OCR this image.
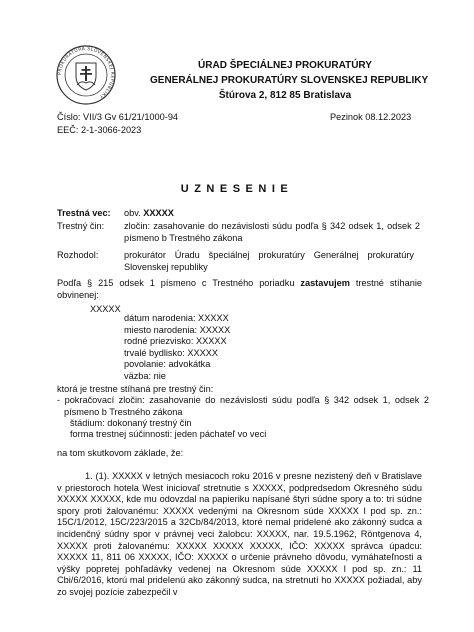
PROKURATÚRA SLOVENSKEJ REPUBLIKY
ÚRAD ŠPECIÁLNEJ PROKURATÚRY
GENERÁLNEJ PROKURATÚRY SLOVENSKEJ REPUBLIKY
Štúrova 2, 812 85 Bratislava
Číslo: VII/3 Gv 61/21/1000-94
EEČ: 2-1-3066-2023
Pezinok 08.12.2023
UZNESENIE
Trestná vec: obv. XXXXX
Trestný čin: zločin: zasahovanie do nezávislosti súdu podľa § 342 odsek 1, odsek 2 písmeno b Trestného zákona
Rozhodol:	prokurátor Úradu špeciálnej prokuratúry Generálnej prokuratúry Slovenskej republiky
Podľa § 215 odsek 1 písmeno c Trestného poriadku zastavujem trestné stíhanie obvinenej:
XXXXX
dátum narodenia: XXXXX
miesto narodenia: XXXXX
rodné priezvisko: XXXXX
trvalé bydlisko: XXXXX
povolanie: advokátka
väzba: nie
ktorá je trestne stíhaná pre trestný čin:
- pokračovací zločin: zasahovanie do nezávislosti súdu podľa § 342 odsek 1, odsek 2 písmeno b Trestného zákona
štádium: dokonaný trestný čin
forma trestnej súčinnosti: jeden páchateľ vo veci
na tom skutkovom základe, že:
1. (1). XXXXX v letných mesiacoch roku 2016 v presne nezistený deň v Bratislave v priestoroch hotela West iniciovaľ stretnutie s XXXXX, podpredsedom Okresného súdu XXXXX XXXXX, kde mu odovzdal na papieriku napísané štyri súdne spory a to: tri súdne spory proti žalovanému: XXXXX vedenými na Okresnom súde XXXXX I pod sp. zn.: 15C/1/2012, 15C/223/2015 a 32Cb/84/2013, ktoré nemal pridelené ako zákonný sudca a incidenčný súdny spor v právnej veci žalobcu: XXXXX, nar. 19.5.1962, Röntgenova 4, XXXXX proti žalovanému: XXXXX XXXXX XXXXX, IČO: XXXXX správca úpadcu: XXXXX 11, 811 06 XXXXX, IČO: XXXXX o určenie právneho dôvodu, vymáhateľnosti a výšky popretej pohľadávky vedenej na Okresnom súde XXXXX I pod sp. zn.: 11 Cbi/6/2016, ktorú mal pridelenú ako zákonný sudca, na stretnutí ho XXXXX požiadal, aby zo svojej pozície zabezpečil v
